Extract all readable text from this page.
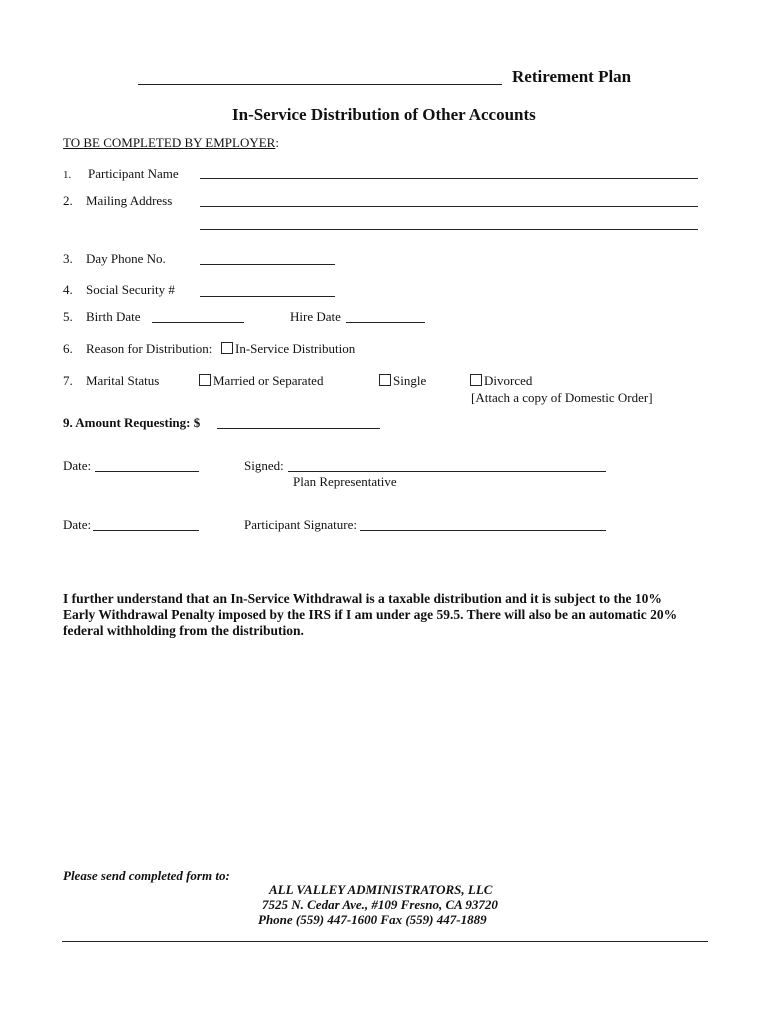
Retirement Plan
In-Service Distribution of Other Accounts
TO BE COMPLETED BY EMPLOYER:
1. Participant Name
2. Mailing Address
3. Day Phone No.
4. Social Security #
5. Birth Date	Hire Date
6. Reason for Distribution:	In-Service Distribution
7. Marital Status	Married or Separated	Single	Divorced
[Attach a copy of Domestic Order]
9. Amount Requesting: $
Date:	Signed:
Plan Representative
Date:	Participant Signature:
I further understand that an In-Service Withdrawal is a taxable distribution and it is subject to the 10%
Early Withdrawal Penalty imposed by the IRS if I am under age 59.5. There will also be an automatic 20%
federal withholding from the distribution.
Please send completed form to:
ALL VALLEY ADMINISTRATORS, LLC
7525 N. Cedar Ave., #109 Fresno, CA 93720
Phone (559) 447-1600 Fax (559) 447-1889
